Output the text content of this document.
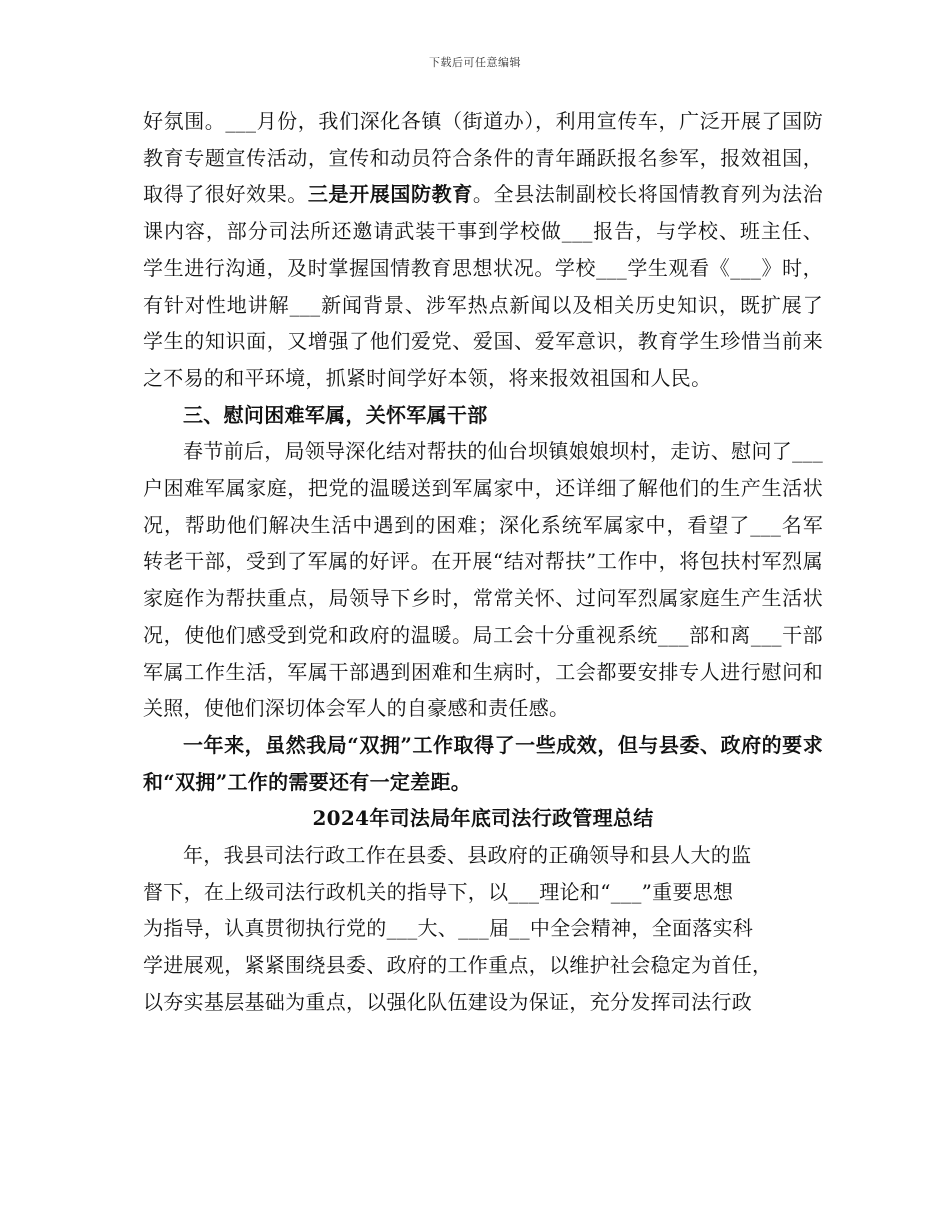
下载后可任意编辑

好氛围。___月份，我们深化各镇（街道办），利用宣传车，广泛开展了国防教育专题宣传活动，宣传和动员符合条件的青年踊跃报名参军，报效祖国，取得了很好效果。三是开展国防教育。全县法制副校长将国情教育列为法治课内容，部分司法所还邀请武装干事到学校做___报告，与学校、班主任、学生进行沟通，及时掌握国情教育思想状况。学校___学生观看《___》时，有针对性地讲解___新闻背景、涉军热点新闻以及相关历史知识，既扩展了学生的知识面，又增强了他们爱党、爱国、爱军意识，教育学生珍惜当前来之不易的和平环境，抓紧时间学好本领，将来报效祖国和人民。

三、慰问困难军属，关怀军属干部

春节前后，局领导深化结对帮扶的仙台坝镇娘娘坝村，走访、慰问了___户困难军属家庭，把党的温暖送到军属家中，还详细了解他们的生产生活状况，帮助他们解决生活中遇到的困难；深化系统军属家中，看望了___名军转老干部，受到了军属的好评。在开展“结对帮扶”工作中，将包扶村军烈属家庭作为帮扶重点，局领导下乡时，常常关怀、过问军烈属家庭生产生活状况，使他们感受到党和政府的温暖。局工会十分重视系统___部和离___干部军属工作生活，军属干部遇到困难和生病时，工会都要安排专人进行慰问和关照，使他们深切体会军人的自豪感和责任感。

一年来，虽然我局“双拥”工作取得了一些成效，但与县委、政府的要求和“双拥”工作的需要还有一定差距。

2024年司法局年底司法行政管理总结

年，我县司法行政工作在县委、县政府的正确领导和县人大的监

督下，在上级司法行政机关的指导下，以___理论和“___”重要思想

为指导，认真贯彻执行党的___大、___届__中全会精神，全面落实科

学进展观，紧紧围绕县委、政府的工作重点，以维护社会稳定为首任，

以夯实基层基础为重点，以强化队伍建设为保证，充分发挥司法行政
